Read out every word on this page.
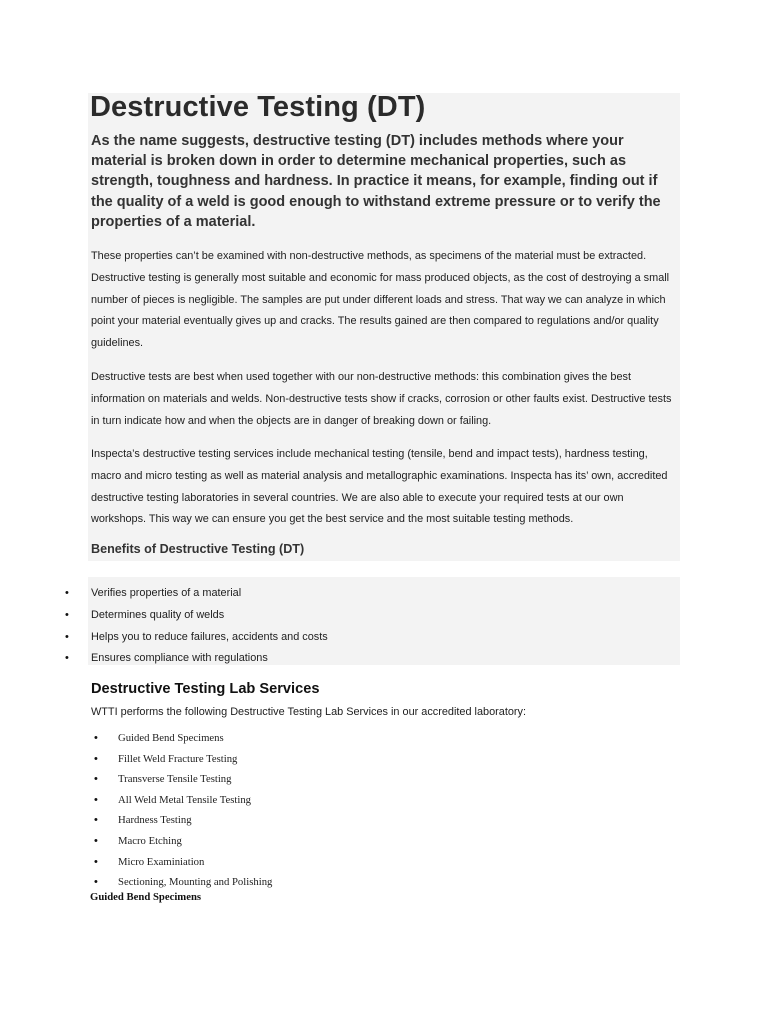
Destructive Testing (DT)

As the name suggests, destructive testing (DT) includes methods where your material is broken down in order to determine mechanical properties, such as strength, toughness and hardness. In practice it means, for example, finding out if the quality of a weld is good enough to withstand extreme pressure or to verify the properties of a material.

These properties can’t be examined with non-destructive methods, as specimens of the material must be extracted. Destructive testing is generally most suitable and economic for mass produced objects, as the cost of destroying a small number of pieces is negligible. The samples are put under different loads and stress. That way we can analyze in which point your material eventually gives up and cracks. The results gained are then compared to regulations and/or quality guidelines.

Destructive tests are best when used together with our non-destructive methods: this combination gives the best information on materials and welds. Non-destructive tests show if cracks, corrosion or other faults exist. Destructive tests in turn indicate how and when the objects are in danger of breaking down or failing.

Inspecta’s destructive testing services include mechanical testing (tensile, bend and impact tests), hardness testing, macro and micro testing as well as material analysis and metallographic examinations. Inspecta has its’ own, accredited destructive testing laboratories in several countries. We are also able to execute your required tests at our own workshops. This way we can ensure you get the best service and the most suitable testing methods.

Benefits of Destructive Testing (DT)
• Verifies properties of a material
• Determines quality of welds
• Helps you to reduce failures, accidents and costs
• Ensures compliance with regulations
Destructive Testing Lab Services

WTTI performs the following Destructive Testing Lab Services in our accredited laboratory:

• Guided Bend Specimens
• Fillet Weld Fracture Testing
• Transverse Tensile Testing
• All Weld Metal Tensile Testing
• Hardness Testing
• Macro Etching
• Micro Examiniation
• Sectioning, Mounting and Polishing
Guided Bend Specimens
